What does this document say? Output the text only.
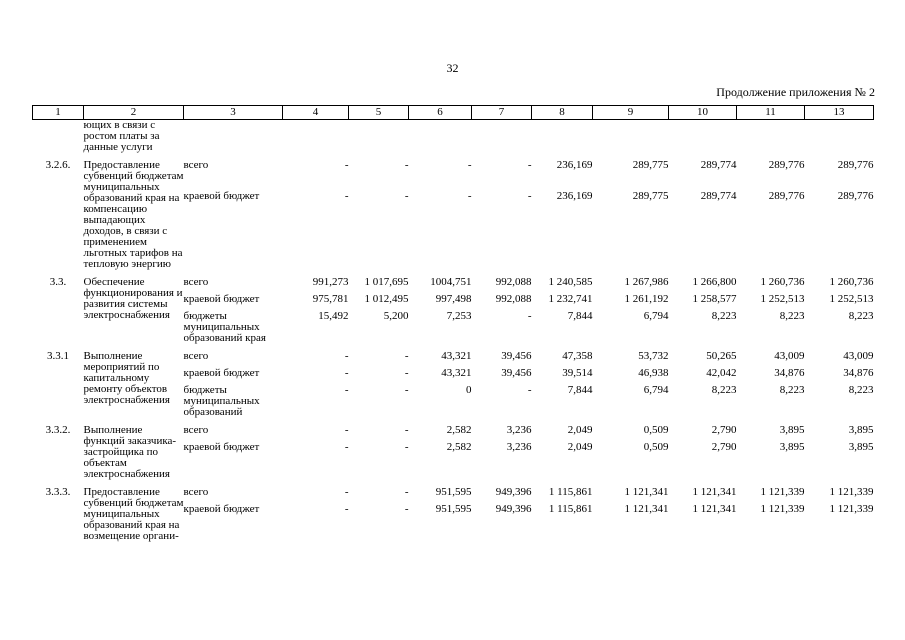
32
Продолжение приложения № 2
1	2	3	4	5	6	7	8	9	10	11	13
	ющих в связи с ростом платы за данные услуги										

3.2.6.	Предоставление субвенций бюджетам муниципальных образований края на компенсацию выпадающих доходов, в связи с применением льготных тарифов на тепловую энергию	всего	-	-	-	-	236,169	289,775	289,774	289,776	289,776
		краевой бюджет	-	-	-	-	236,169	289,775	289,774	289,776	289,776

3.3.	Обеспечение функционирования и развития системы электроснабжения	всего	991,273	1 017,695	1004,751	992,088	1 240,585	1 267,986	1 266,800	1 260,736	1 260,736
		краевой бюджет	975,781	1 012,495	997,498	992,088	1 232,741	1 261,192	1 258,577	1 252,513	1 252,513
		бюджеты муниципальных образований края	15,492	5,200	7,253	-	7,844	6,794	8,223	8,223	8,223

3.3.1	Выполнение мероприятий по капитальному ремонту объектов электроснабжения	всего	-	-	43,321	39,456	47,358	53,732	50,265	43,009	43,009
		краевой бюджет	-	-	43,321	39,456	39,514	46,938	42,042	34,876	34,876
		бюджеты муниципальных образований	-	-	0	-	7,844	6,794	8,223	8,223	8,223

3.3.2.	Выполнение функций заказчика-застройщика по объектам электроснабжения	всего	-	-	2,582	3,236	2,049	0,509	2,790	3,895	3,895
		краевой бюджет	-	-	2,582	3,236	2,049	0,509	2,790	3,895	3,895

3.3.3.	Предоставление субвенций бюджетам муниципальных образований края на возмещение органи-	всего	-	-	951,595	949,396	1 115,861	1 121,341	1 121,341	1 121,339	1 121,339
		краевой бюджет	-	-	951,595	949,396	1 115,861	1 121,341	1 121,341	1 121,339	1 121,339
